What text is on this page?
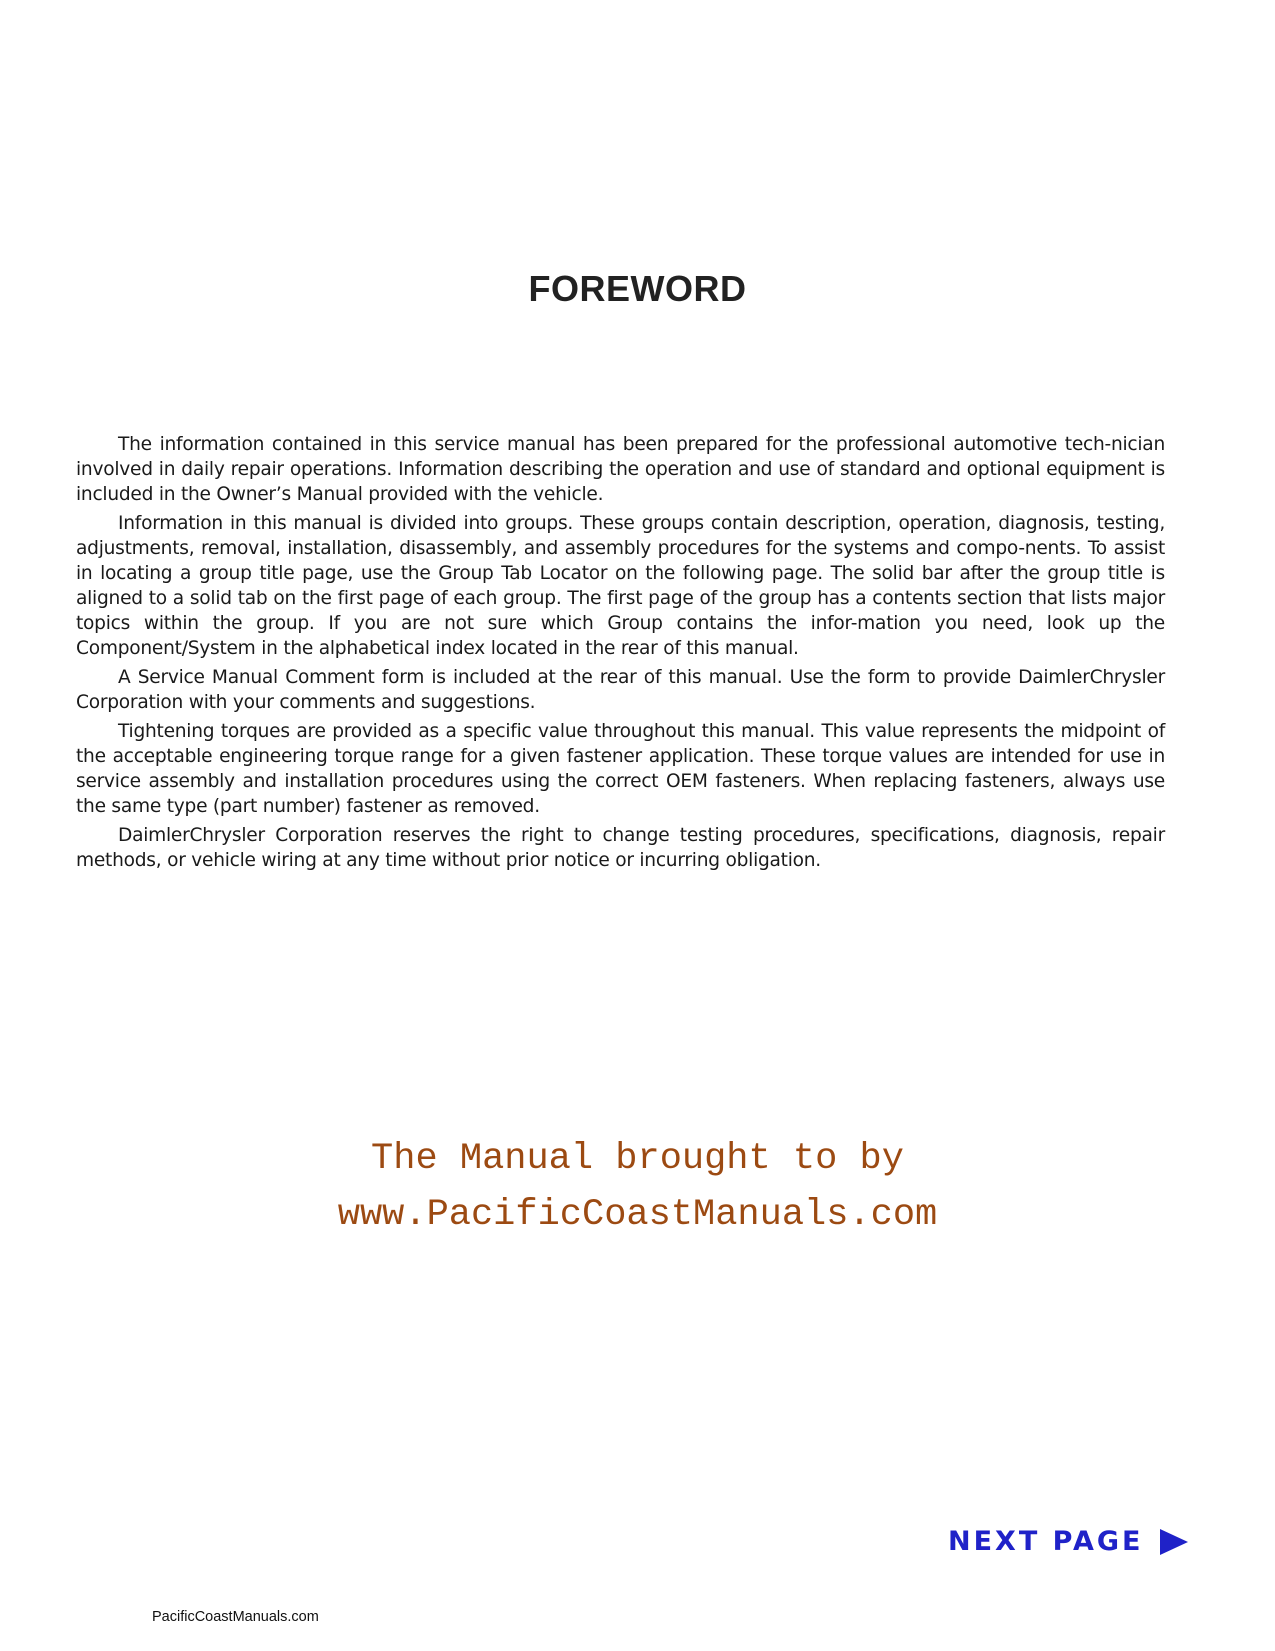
FOREWORD

The information contained in this service manual has been prepared for the professional automotive tech-nician involved in daily repair operations. Information describing the operation and use of standard and optional equipment is included in the Owner’s Manual provided with the vehicle.

Information in this manual is divided into groups. These groups contain description, operation, diagnosis, testing, adjustments, removal, installation, disassembly, and assembly procedures for the systems and compo-nents. To assist in locating a group title page, use the Group Tab Locator on the following page. The solid bar after the group title is aligned to a solid tab on the first page of each group. The first page of the group has a contents section that lists major topics within the group. If you are not sure which Group contains the infor-mation you need, look up the Component/System in the alphabetical index located in the rear of this manual.

A Service Manual Comment form is included at the rear of this manual. Use the form to provide DaimlerChrysler Corporation with your comments and suggestions.

Tightening torques are provided as a specific value throughout this manual. This value represents the midpoint of the acceptable engineering torque range for a given fastener application. These torque values are intended for use in service assembly and installation procedures using the correct OEM fasteners. When replacing fasteners, always use the same type (part number) fastener as removed.

DaimlerChrysler Corporation reserves the right to change testing procedures, specifications, diagnosis, repair methods, or vehicle wiring at any time without prior notice or incurring obligation.

The Manual brought to by

www.PacificCoastManuals.com

NEXT PAGE

PacificCoastManuals.com
